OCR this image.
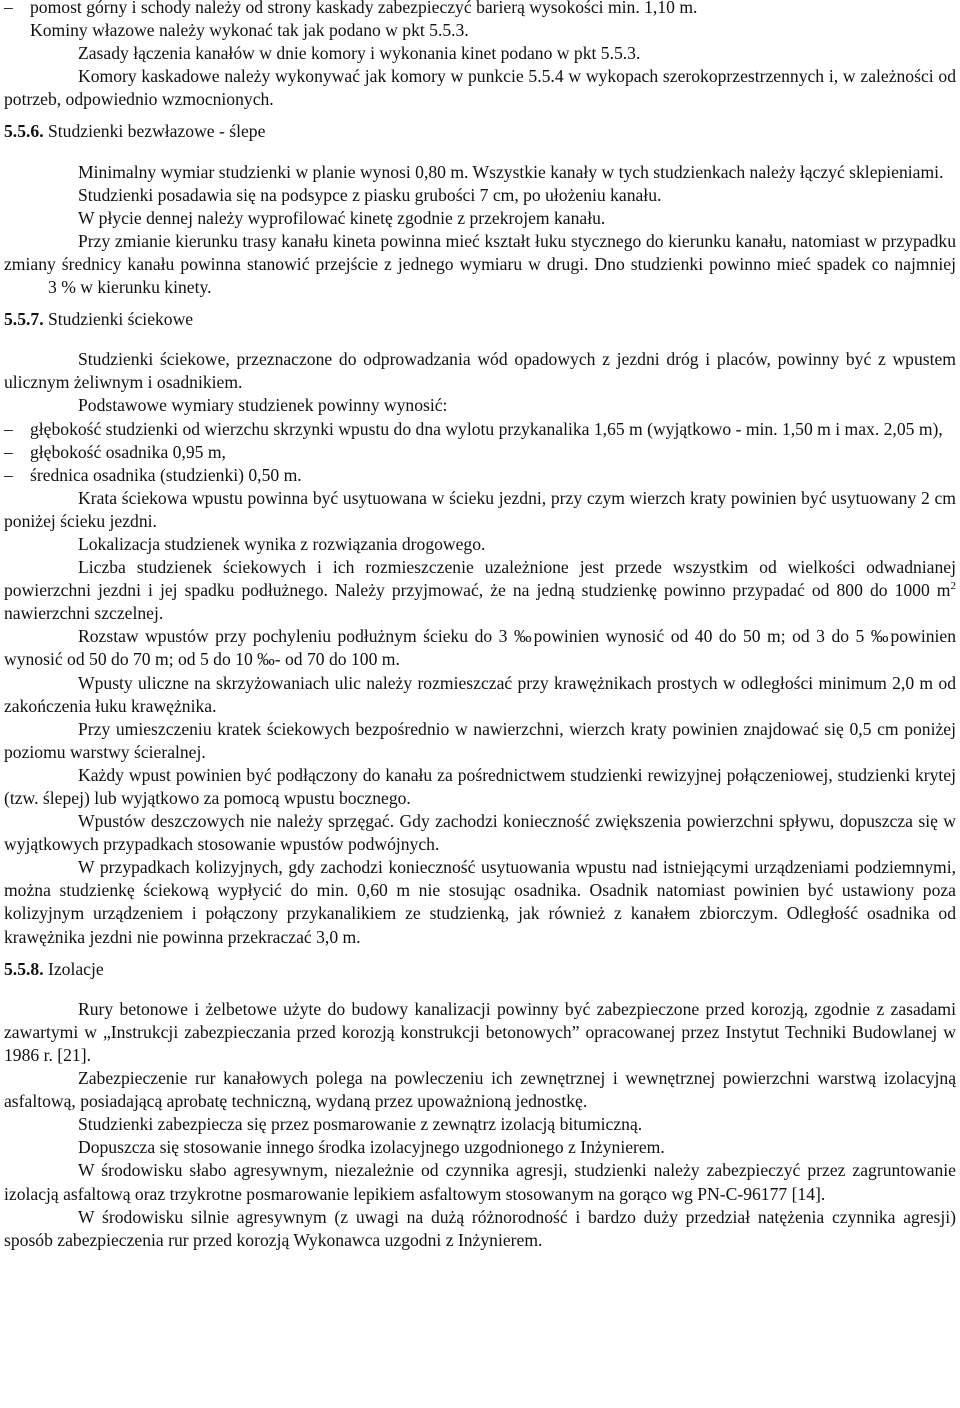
– pomost górny i schody należy od strony kaskady zabezpieczyć barierą wysokości min. 1,10 m.
Kominy włazowe należy wykonać tak jak podano w pkt 5.5.3.

Zasady łączenia kanałów w dnie komory i wykonania kinet podano w pkt 5.5.3.

Komory kaskadowe należy wykonywać jak komory w punkcie 5.5.4 w wykopach szerokoprzestrzennych i, w zależności od potrzeb, odpowiednio wzmocnionych.

5.5.6. Studzienki bezwłazowe - ślepe

Minimalny wymiar studzienki w planie wynosi 0,80 m. Wszystkie kanały w tych studzienkach należy łączyć sklepieniami.

Studzienki posadawia się na podsypce z piasku grubości 7 cm, po ułożeniu kanału.

W płycie dennej należy wyprofilować kinetę zgodnie z przekrojem kanału.

Przy zmianie kierunku trasy kanału kineta powinna mieć kształt łuku stycznego do kierunku kanału, natomiast w przypadku zmiany średnicy kanału powinna stanowić przejście z jednego wymiaru w drugi. Dno studzienki powinno mieć spadek co najmniej3 % w kierunku kinety.

5.5.7. Studzienki ściekowe

Studzienki ściekowe, przeznaczone do odprowadzania wód opadowych z jezdni dróg i placów, powinny być z wpustem ulicznym żeliwnym i osadnikiem.

Podstawowe wymiary studzienek powinny wynosić:

– głębokość studzienki od wierzchu skrzynki wpustu do dna wylotu przykanalika 1,65 m (wyjątkowo - min. 1,50 m i max. 2,05 m),

– głębokość osadnika 0,95 m,

– średnica osadnika (studzienki) 0,50 m.

Krata ściekowa wpustu powinna być usytuowana w ścieku jezdni, przy czym wierzch kraty powinien być usytuowany 2 cm poniżej ścieku jezdni.

Lokalizacja studzienek wynika z rozwiązania drogowego.

Liczba studzienek ściekowych i ich rozmieszczenie uzależnione jest przede wszystkim od wielkości odwadnianej powierzchni jezdni i jej spadku podłużnego. Należy przyjmować, że na jedną studzienkę powinno przypadać od 800 do 1000 $m^2$ nawierzchni szczelnej.

Rozstaw wpustów przy pochyleniu podłużnym ścieku do 3 ‰powinien wynosić od 40 do 50 m; od 3 do 5 ‰powinien wynosić od 50 do 70 m; od 5 do 10 ‰- od 70 do 100 m.

Wpusty uliczne na skrzyżowaniach ulic należy rozmieszczać przy krawężnikach prostych w odległości minimum 2,0 m od zakończenia łuku krawężnika.

Przy umieszczeniu kratek ściekowych bezpośrednio w nawierzchni, wierzch kraty powinien znajdować się 0,5 cm poniżej poziomu warstwy ścieralnej.

Każdy wpust powinien być podłączony do kanału za pośrednictwem studzienki rewizyjnej połączeniowej, studzienki krytej (tzw. ślepej) lub wyjątkowo za pomocą wpustu bocznego.

Wpustów deszczowych nie należy sprzęgać. Gdy zachodzi konieczność zwiększenia powierzchni spływu, dopuszcza się w wyjątkowych przypadkach stosowanie wpustów podwójnych.

W przypadkach kolizyjnych, gdy zachodzi konieczność usytuowania wpustu nad istniejącymi urządzeniami podziemnymi, można studzienkę ściekową wypłycić do min. 0,60 m nie stosując osadnika. Osadnik natomiast powinien być ustawiony poza kolizyjnym urządzeniem i połączony przykanalikiem ze studzienką, jak również z kanałem zbiorczym. Odległość osadnika od krawężnika jezdni nie powinna przekraczać 3,0 m.

5.5.8. Izolacje

Rury betonowe i żelbetowe użyte do budowy kanalizacji powinny być zabezpieczone przed korozją, zgodnie z zasadami zawartymi w „Instrukcji zabezpieczania przed korozją konstrukcji betonowych” opracowanej przez Instytut Techniki Budowlanej w 1986 r. [21].

Zabezpieczenie rur kanałowych polega na powleczeniu ich zewnętrznej i wewnętrznej powierzchni warstwą izolacyjną asfaltową, posiadającą aprobatę techniczną, wydaną przez upoważnioną jednostkę.

Studzienki zabezpiecza się przez posmarowanie z zewnątrz izolacją bitumiczną.

Dopuszcza się stosowanie innego środka izolacyjnego uzgodnionego z Inżynierem.

W środowisku słabo agresywnym, niezależnie od czynnika agresji, studzienki należy zabezpieczyć przez zagruntowanie izolacją asfaltową oraz trzykrotne posmarowanie lepikiem asfaltowym stosowanym na gorąco wg PN-C-96177 [14].

W środowisku silnie agresywnym (z uwagi na dużą różnorodność i bardzo duży przedział natężenia czynnika agresji) sposób zabezpieczenia rur przed korozją Wykonawca uzgodni z Inżynierem.
